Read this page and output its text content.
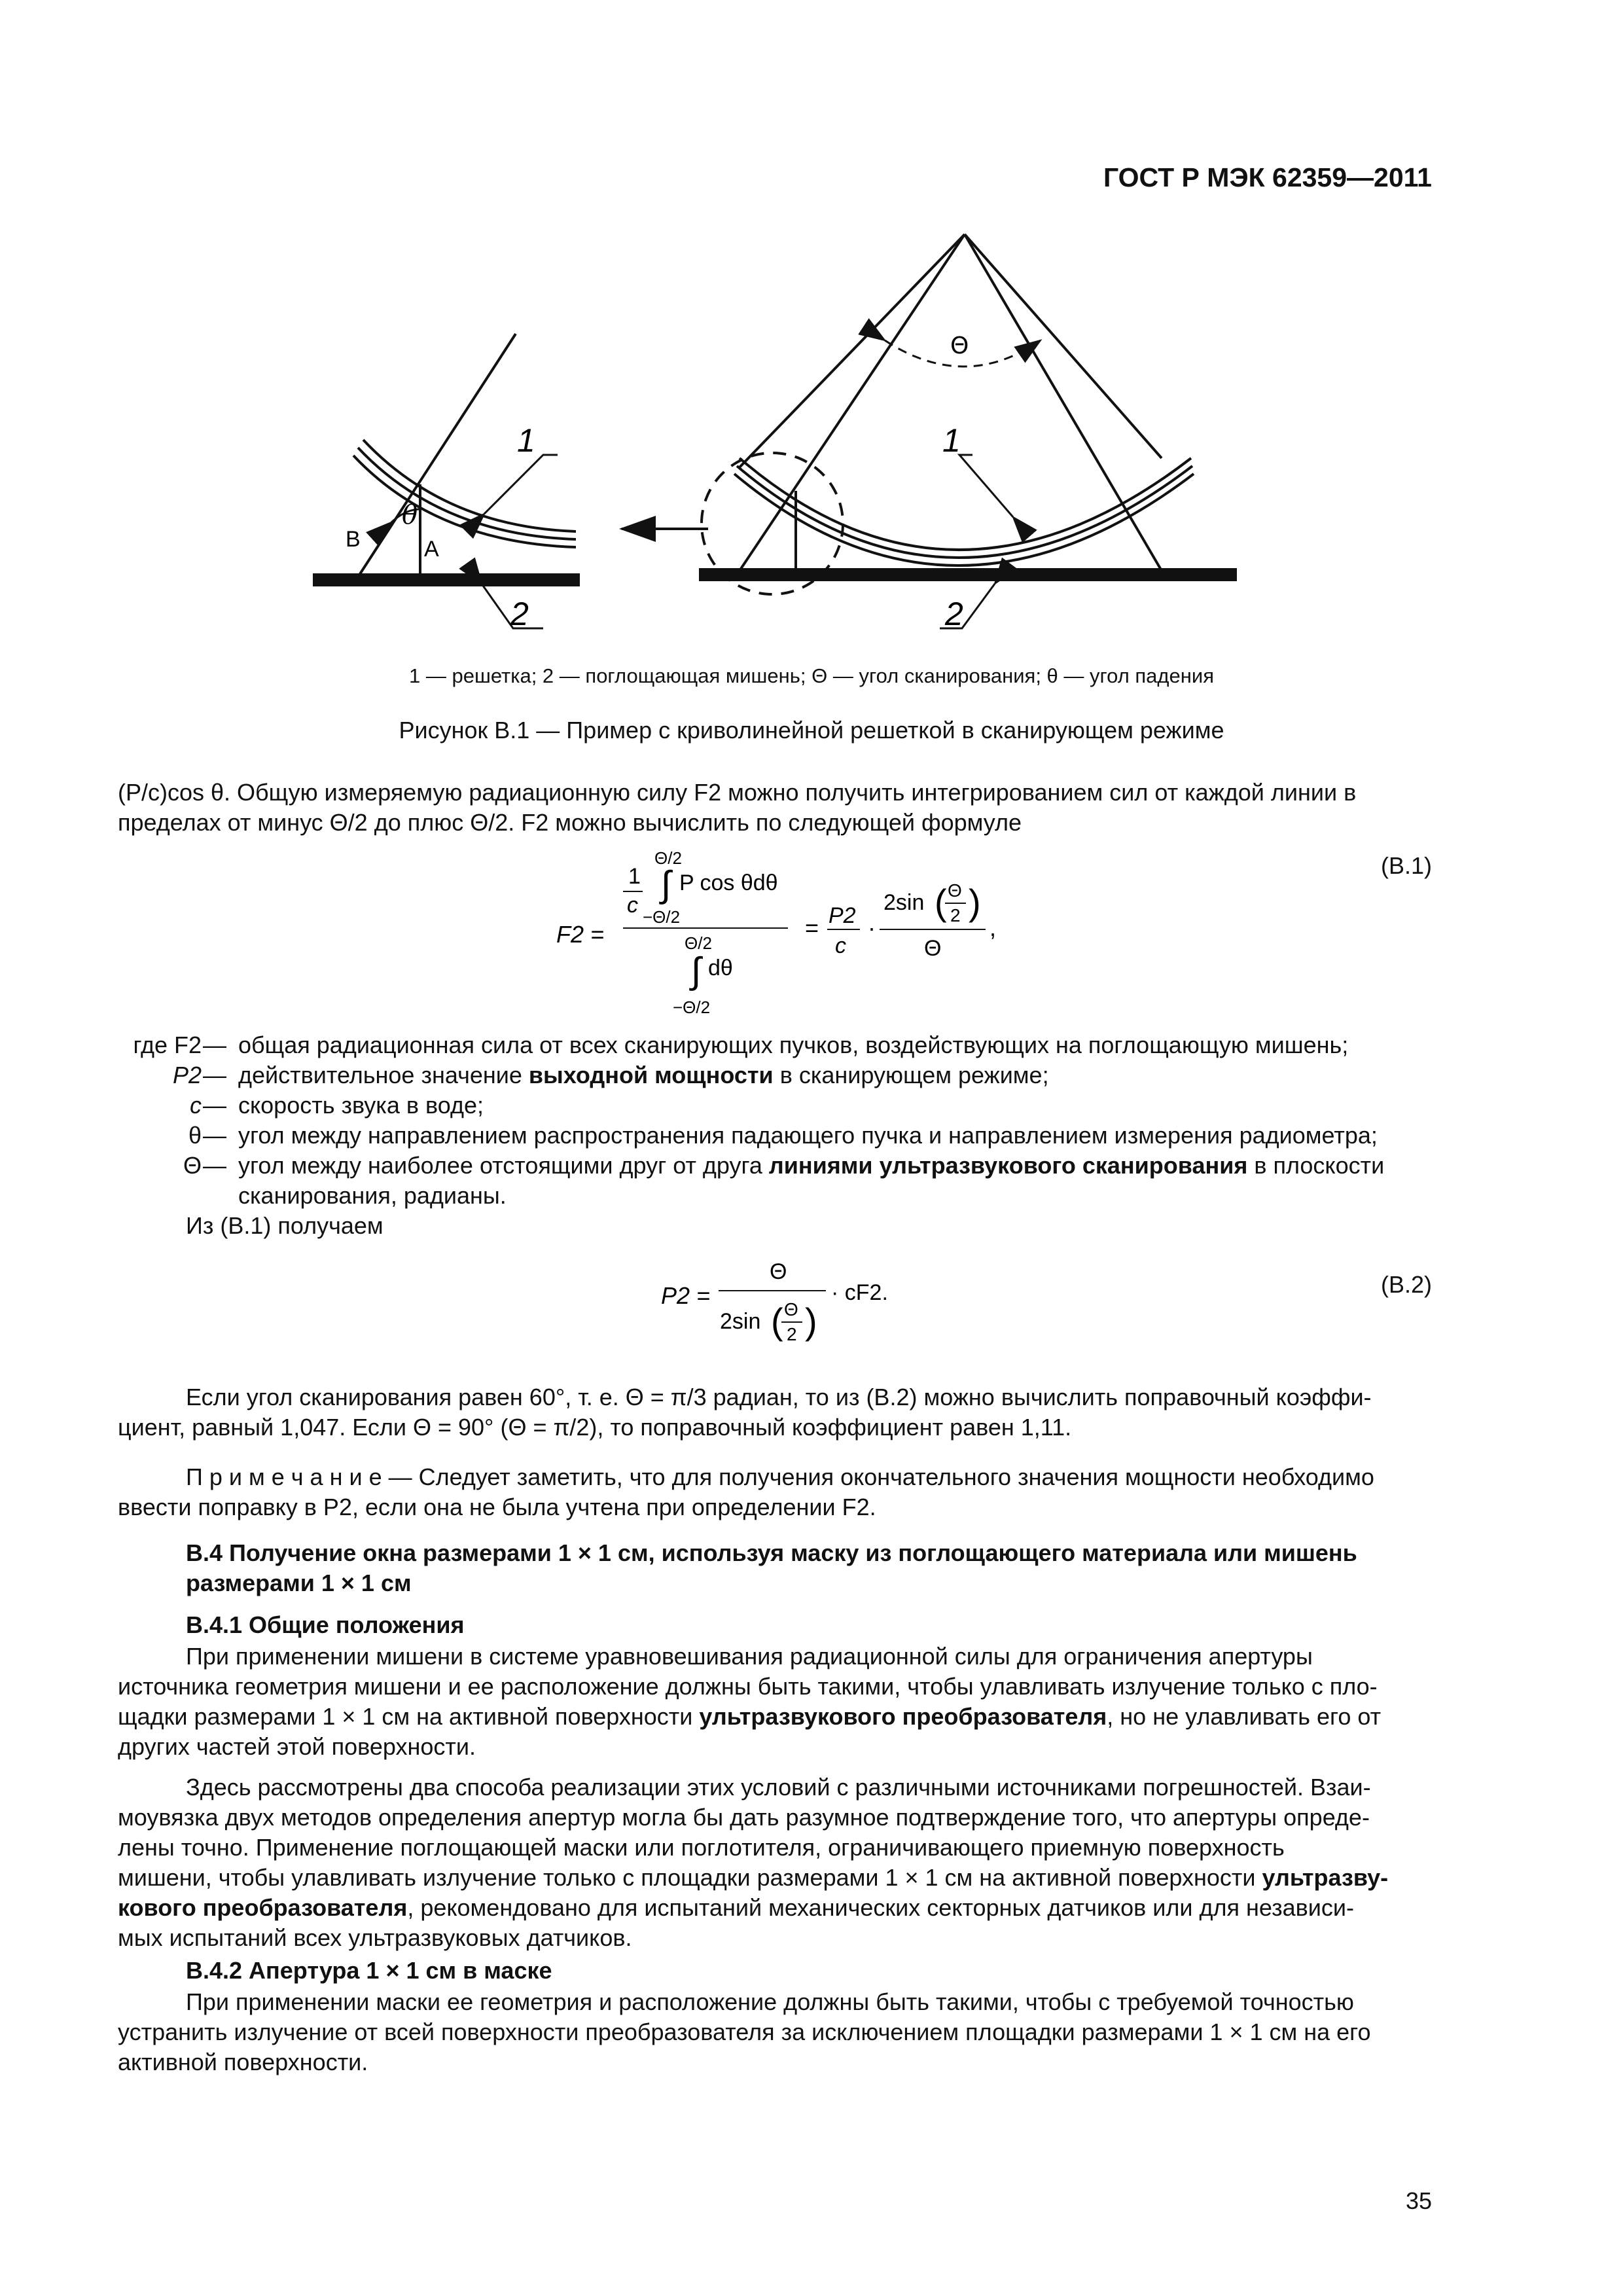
ГОСТ Р МЭК 62359—2011
1
2
θ
A
B
Θ
1
2
1 — решетка; 2 — поглощающая мишень; Θ — угол сканирования; θ — угол падения
Рисунок В.1 — Пример с криволинейной решеткой в сканирующем режиме
(P/c)cos θ. Общую измеряемую радиационную силу F2 можно получить интегрированием сил от каждой линии в
пределах от минус Θ/2 до плюс Θ/2. F2 можно вычислить по следующей формуле
(В.1)
F2 =
1
c
Θ/2
∫
−Θ/2
P cos θdθ
Θ/2
∫
−Θ/2
dθ
= P2
c
·
2sin ( Θ
2 )
Θ
,
где F2 — общая радиационная сила от всех сканирующих пучков, воздействующих на поглощающую мишень;
P2 — действительное значение выходной мощности в сканирующем режиме;
c — скорость звука в воде;
θ — угол между направлением распространения падающего пучка и направлением измерения радиометра;
Θ — угол между наиболее отстоящими друг от друга линиями ультразвукового сканирования в плоскости
сканирования, радианы.
Из (В.1) получаем
(В.2)
P2 =
Θ
2sin ( Θ
2 )
· cF2.
Если угол сканирования равен 60°, т. е. Θ = π/3 радиан, то из (В.2) можно вычислить поправочный коэффи-
циент, равный 1,047. Если Θ = 90° (Θ = π/2), то поправочный коэффициент равен 1,11.
П р и м е ч а н и е — Следует заметить, что для получения окончательного значения мощности необходимо
ввести поправку в P2, если она не была учтена при определении F2.
В.4 Получение окна размерами 1 × 1 см, используя маску из поглощающего материала или мишень
размерами 1 × 1 см
В.4.1 Общие положения
При применении мишени в системе уравновешивания радиационной силы для ограничения апертуры
источника геометрия мишени и ее расположение должны быть такими, чтобы улавливать излучение только с пло-
щадки размерами 1 × 1 см на активной поверхности ультразвукового преобразователя, но не улавливать его от
других частей этой поверхности.
Здесь рассмотрены два способа реализации этих условий с различными источниками погрешностей. Взаи-
моувязка двух методов определения апертур могла бы дать разумное подтверждение того, что апертуры опреде-
лены точно. Применение поглощающей маски или поглотителя, ограничивающего приемную поверхность
мишени, чтобы улавливать излучение только с площадки размерами 1 × 1 см на активной поверхности ультразву-
кового преобразователя, рекомендовано для испытаний механических секторных датчиков или для независи-
мых испытаний всех ультразвуковых датчиков.
В.4.2 Апертура 1 × 1 см в маске
При применении маски ее геометрия и расположение должны быть такими, чтобы с требуемой точностью
устранить излучение от всей поверхности преобразователя за исключением площадки размерами 1 × 1 см на его
активной поверхности.
35
